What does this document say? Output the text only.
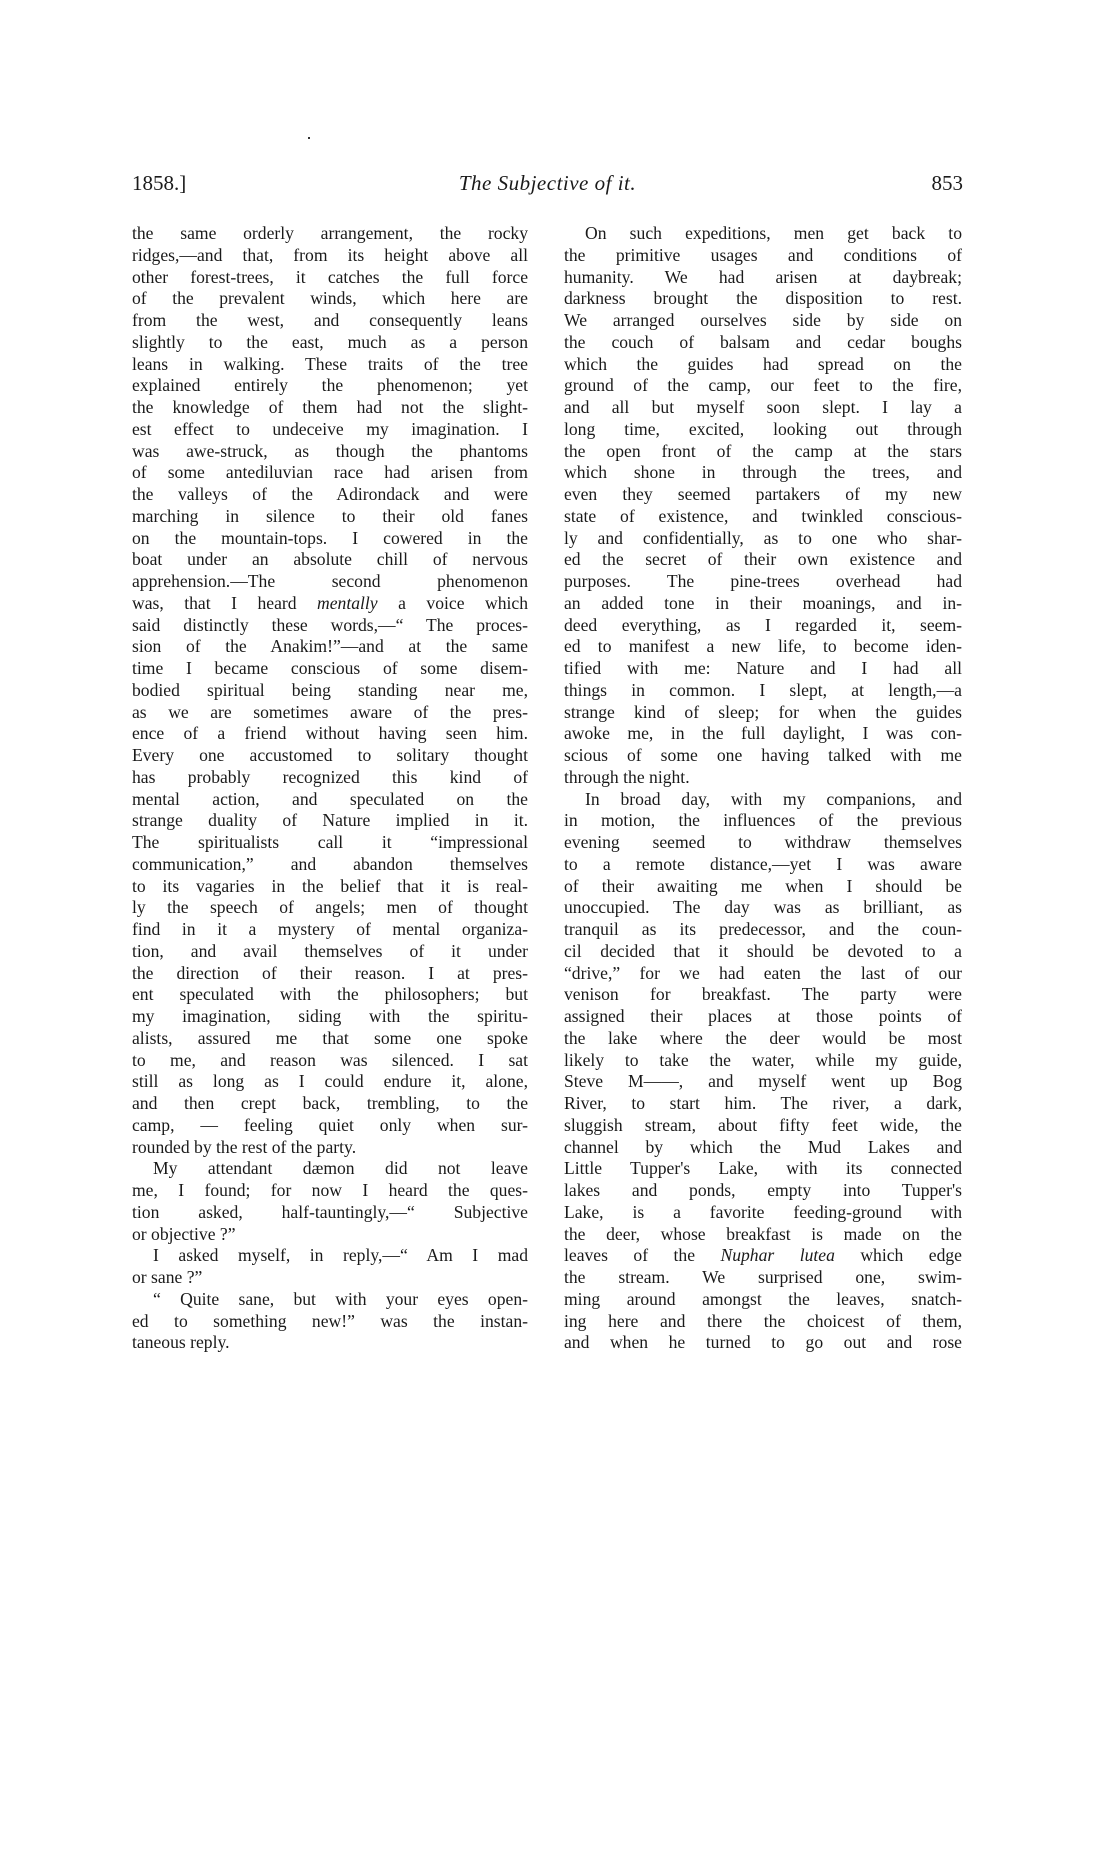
1858.]	The Subjective of it.	853
the same orderly arrangement, the rocky
ridges,—and that, from its height above all
other forest-trees, it catches the full force
of the prevalent winds, which here are
from the west, and consequently leans
slightly to the east, much as a person
leans in walking. These traits of the tree
explained entirely the phenomenon; yet
the knowledge of them had not the slight-
est effect to undeceive my imagination. I
was awe-struck, as though the phantoms
of some antediluvian race had arisen from
the valleys of the Adirondack and were
marching in silence to their old fanes
on the mountain-tops. I cowered in the
boat under an absolute chill of nervous
apprehension.—The second phenomenon
was, that I heard mentally a voice which
said distinctly these words,—“ The proces-
sion of the Anakim!”—and at the same
time I became conscious of some disem-
bodied spiritual being standing near me,
as we are sometimes aware of the pres-
ence of a friend without having seen him.
Every one accustomed to solitary thought
has probably recognized this kind of
mental action, and speculated on the
strange duality of Nature implied in it.
The spiritualists call it “impressional
communication,” and abandon themselves
to its vagaries in the belief that it is real-
ly the speech of angels; men of thought
find in it a mystery of mental organiza-
tion, and avail themselves of it under
the direction of their reason. I at pres-
ent speculated with the philosophers; but
my imagination, siding with the spiritu-
alists, assured me that some one spoke
to me, and reason was silenced. I sat
still as long as I could endure it, alone,
and then crept back, trembling, to the
camp, — feeling quiet only when sur-
rounded by the rest of the party.
My attendant dæmon did not leave
me, I found; for now I heard the ques-
tion asked, half-tauntingly,—“ Subjective
or objective ?”
I asked myself, in reply,—“ Am I mad
or sane ?”
“ Quite sane, but with your eyes open-
ed to something new!” was the instan-
taneous reply.
On such expeditions, men get back to
the primitive usages and conditions of
humanity. We had arisen at daybreak;
darkness brought the disposition to rest.
We arranged ourselves side by side on
the couch of balsam and cedar boughs
which the guides had spread on the
ground of the camp, our feet to the fire,
and all but myself soon slept. I lay a
long time, excited, looking out through
the open front of the camp at the stars
which shone in through the trees, and
even they seemed partakers of my new
state of existence, and twinkled conscious-
ly and confidentially, as to one who shar-
ed the secret of their own existence and
purposes. The pine-trees overhead had
an added tone in their moanings, and in-
deed everything, as I regarded it, seem-
ed to manifest a new life, to become iden-
tified with me: Nature and I had all
things in common. I slept, at length,—a
strange kind of sleep; for when the guides
awoke me, in the full daylight, I was con-
scious of some one having talked with me
through the night.
In broad day, with my companions, and
in motion, the influences of the previous
evening seemed to withdraw themselves
to a remote distance,—yet I was aware
of their awaiting me when I should be
unoccupied. The day was as brilliant, as
tranquil as its predecessor, and the coun-
cil decided that it should be devoted to a
“drive,” for we had eaten the last of our
venison for breakfast. The party were
assigned their places at those points of
the lake where the deer would be most
likely to take the water, while my guide,
Steve M——, and myself went up Bog
River, to start him. The river, a dark,
sluggish stream, about fifty feet wide, the
channel by which the Mud Lakes and
Little Tupper's Lake, with its connected
lakes and ponds, empty into Tupper's
Lake, is a favorite feeding-ground with
the deer, whose breakfast is made on the
leaves of the Nuphar lutea which edge
the stream. We surprised one, swim-
ming around amongst the leaves, snatch-
ing here and there the choicest of them,
and when he turned to go out and rose
